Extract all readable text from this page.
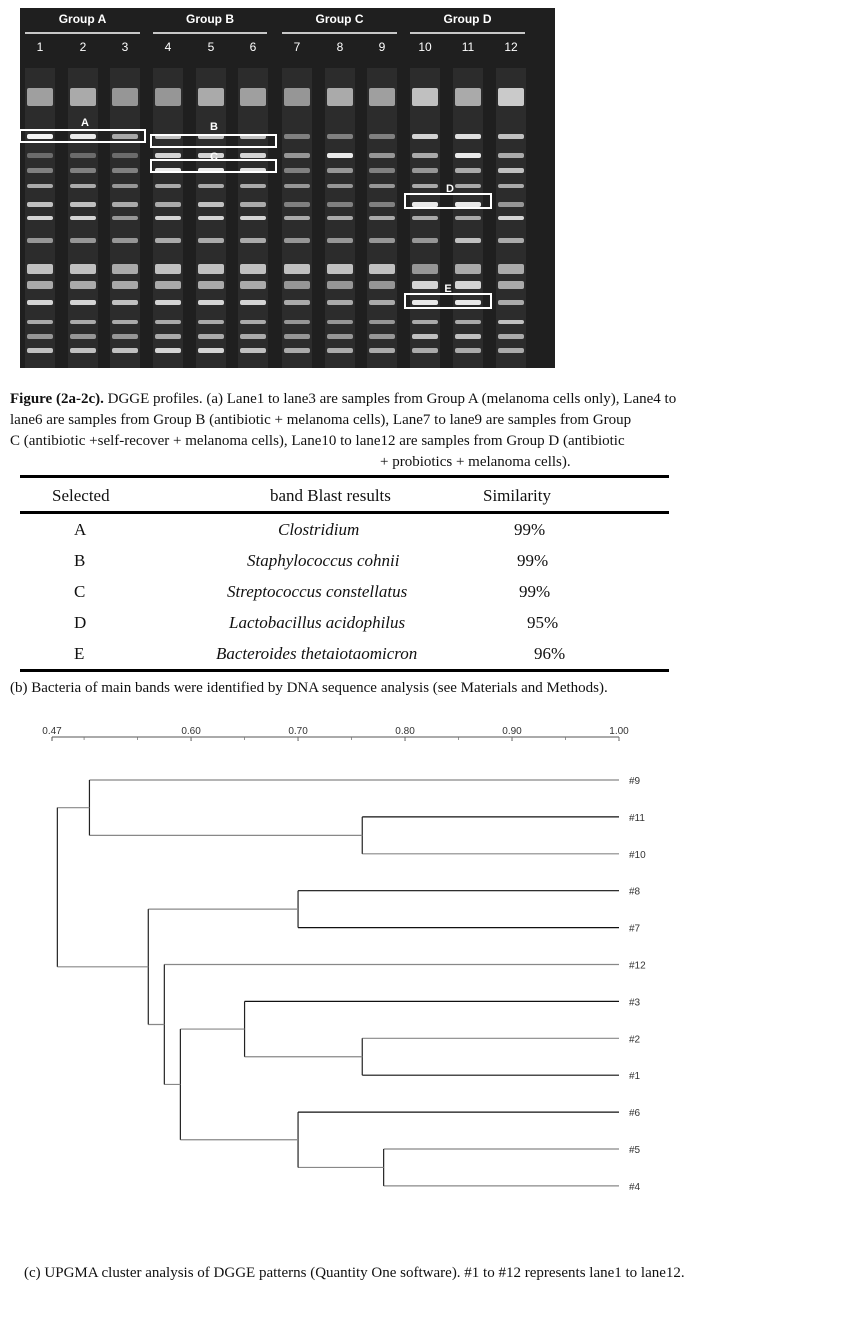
Group A	Group B	Group C	Group D
1	2	3	4	5	6	7	8	9	10	11	12
A	B
C
D
E
Figure (2a-2c). DGGE profiles. (a) Lane1 to lane3 are samples from Group A (melanoma cells only), Lane4 to
lane6 are samples from Group B (antibiotic + melanoma cells), Lane7 to lane9 are samples from Group
C (antibiotic +self-recover + melanoma cells), Lane10 to lane12 are samples from Group D (antibiotic
+ probiotics + melanoma cells).
Selected	band Blast results	Similarity
A	Clostridium	99%
B	Staphylococcus cohnii	99%
C	Streptococcus constellatus	99%
D	Lactobacillus acidophilus	95%
E	Bacteroides thetaiotaomicron	96%
(b) Bacteria of main bands were identified by DNA sequence analysis (see Materials and Methods).
0.47	0.60	0.70	0.80	0.90	1.00
#9
#11
#10
#8
#7
#12
#3
#2
#1
#6
#5
#4
(c) UPGMA cluster analysis of DGGE patterns (Quantity One software). #1 to #12 represents lane1 to lane12.
